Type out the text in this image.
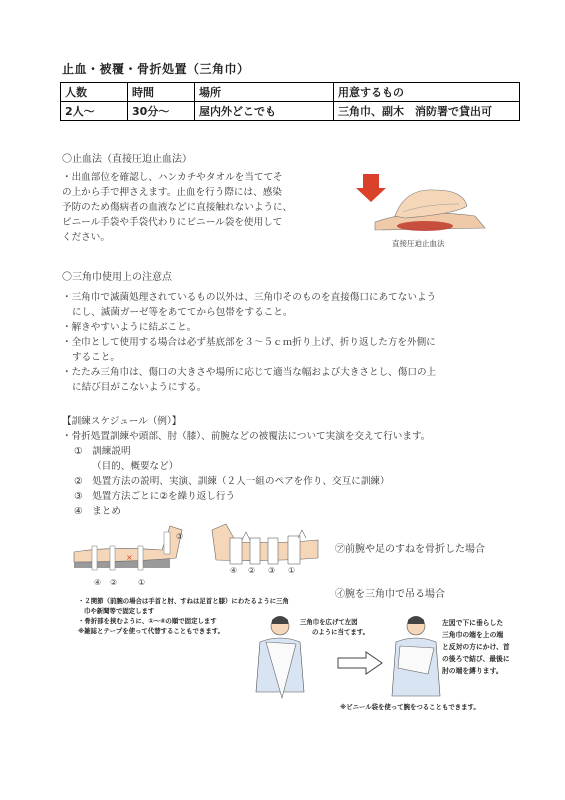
止血・被覆・骨折処置（三角巾）
人数	時間	場所	用意するもの
2人～	30分～	屋内外どこでも	三角巾、副木　消防署で貸出可
〇止血法（直接圧迫止血法）
・出血部位を確認し、ハンカチやタオルを当ててそ
の上から手で押さえます。止血を行う際には、感染
予防のため傷病者の血液などに直接触れないように、
ビニール手袋や手袋代わりにビニール袋を使用して
ください。
直接圧迫止血法
〇三角巾使用上の注意点
・三角巾で滅菌処理されているもの以外は、三角巾そのものを直接傷口にあてないよう
にし、滅菌ガーゼ等をあててから包帯をすること。
・解きやすいように結ぶこと。
・全巾として使用する場合は必ず基底部を３～５ｃｍ折り上げ、折り返した方を外側に
すること。
・たたみ三角巾は、傷口の大きさや場所に応じて適当な幅および大きさとし、傷口の上
に結び目がこないようにする。
【訓練スケジュール（例）】
・骨折処置訓練や頭部、肘（膝）、前腕などの被覆法について実演を交えて行います。
①　訓練説明
（目的、概要など）
②　処置方法の説明、実演、訓練（２人一組のペアを作り、交互に訓練）
③　処置方法ごとに②を繰り返し行う
④　まとめ
×
③
④ ②	①
④ ② ③ ①
㋐前腕や足のすねを骨折した場合
㋑腕を三角巾で吊る場合
・２関節（前腕の場合は手首と肘、すねは足首と膝）にわたるように三角
巾や新聞等で固定します
・骨折部を挟むように、①～④の順で固定します
※雑誌とテープを使って代替することもできます。
三角巾を広げて左図
のように当てます。
左図で下に垂らした
三角巾の端を上の端
と反対の方にかけ、首
の後ろで結び、最後に
肘の端を縛ります。
※ビニール袋を使って腕をつることもできます。
